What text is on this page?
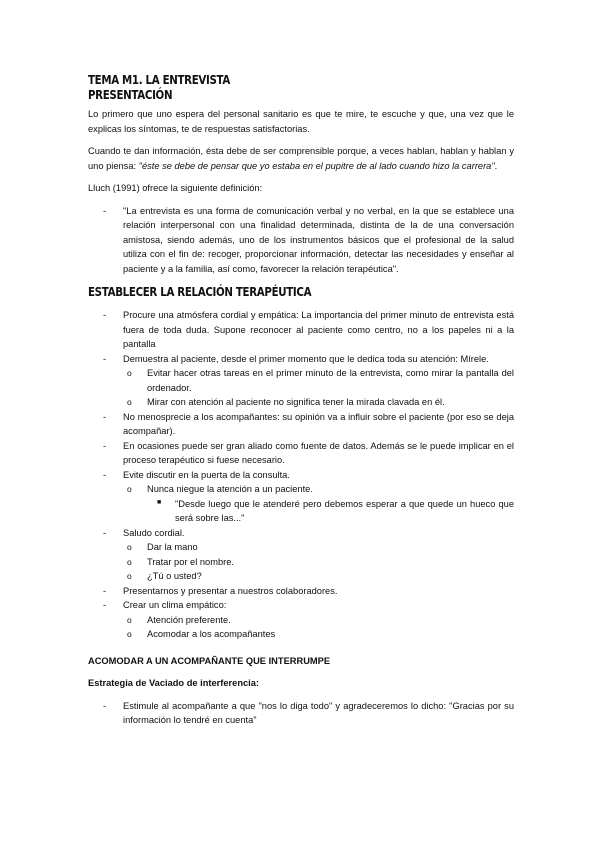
TEMA M1. LA ENTREVISTA
PRESENTACIÓN

Lo primero que uno espera del personal sanitario es que te mire, te escuche y que, una vez que le explicas los síntomas, te de respuestas satisfactorias.

Cuando te dan información, ésta debe de ser comprensible porque, a veces hablan, hablan y hablan y uno piensa: "éste se debe de pensar que yo estaba en el pupitre de al lado cuando hizo la carrera".

Lluch (1991) ofrece la siguiente definición:

- "La entrevista es una forma de comunicación verbal y no verbal, en la que se establece una relación interpersonal con una finalidad determinada, distinta de la de una conversación amistosa, siendo además, uno de los instrumentos básicos que el profesional de la salud utiliza con el fin de: recoger, proporcionar información, detectar las necesidades y enseñar al paciente y a la familia, así como, favorecer la relación terapéutica".
ESTABLECER LA RELACIÓN TERAPÉUTICA
- Procure una atmósfera cordial y empática: La importancia del primer minuto de entrevista está fuera de toda duda. Supone reconocer al paciente como centro, no a los papeles ni a la pantalla
- Demuestra al paciente, desde el primer momento que le dedica toda su atención: Mírele.
o Evitar hacer otras tareas en el primer minuto de la entrevista, como mirar la pantalla del ordenador.
o Mirar con atención al paciente no significa tener la mirada clavada en él.
- No menosprecie a los acompañantes: su opinión va a influir sobre el paciente (por eso se deja acompañar).
- En ocasiones puede ser gran aliado como fuente de datos. Además se le puede implicar en el proceso terapéutico si fuese necesario.
- Evite discutir en la puerta de la consulta.
o Nunca niegue la atención a un paciente.
■ "Desde luego que le atenderé pero debemos esperar a que quede un hueco que será sobre las..."
- Saludo cordial.
o Dar la mano
o Tratar por el nombre.
o ¿Tú o usted?
- Presentarnos y presentar a nuestros colaboradores.
- Crear un clima empático:
o Atención preferente.
o Acomodar a los acompañantes

ACOMODAR A UN ACOMPAÑANTE QUE INTERRUMPE

Estrategia de Vaciado de interferencia:

- Estimule al acompañante a que "nos lo diga todo" y agradeceremos lo dicho: "Gracias por su información lo tendré en cuenta"
